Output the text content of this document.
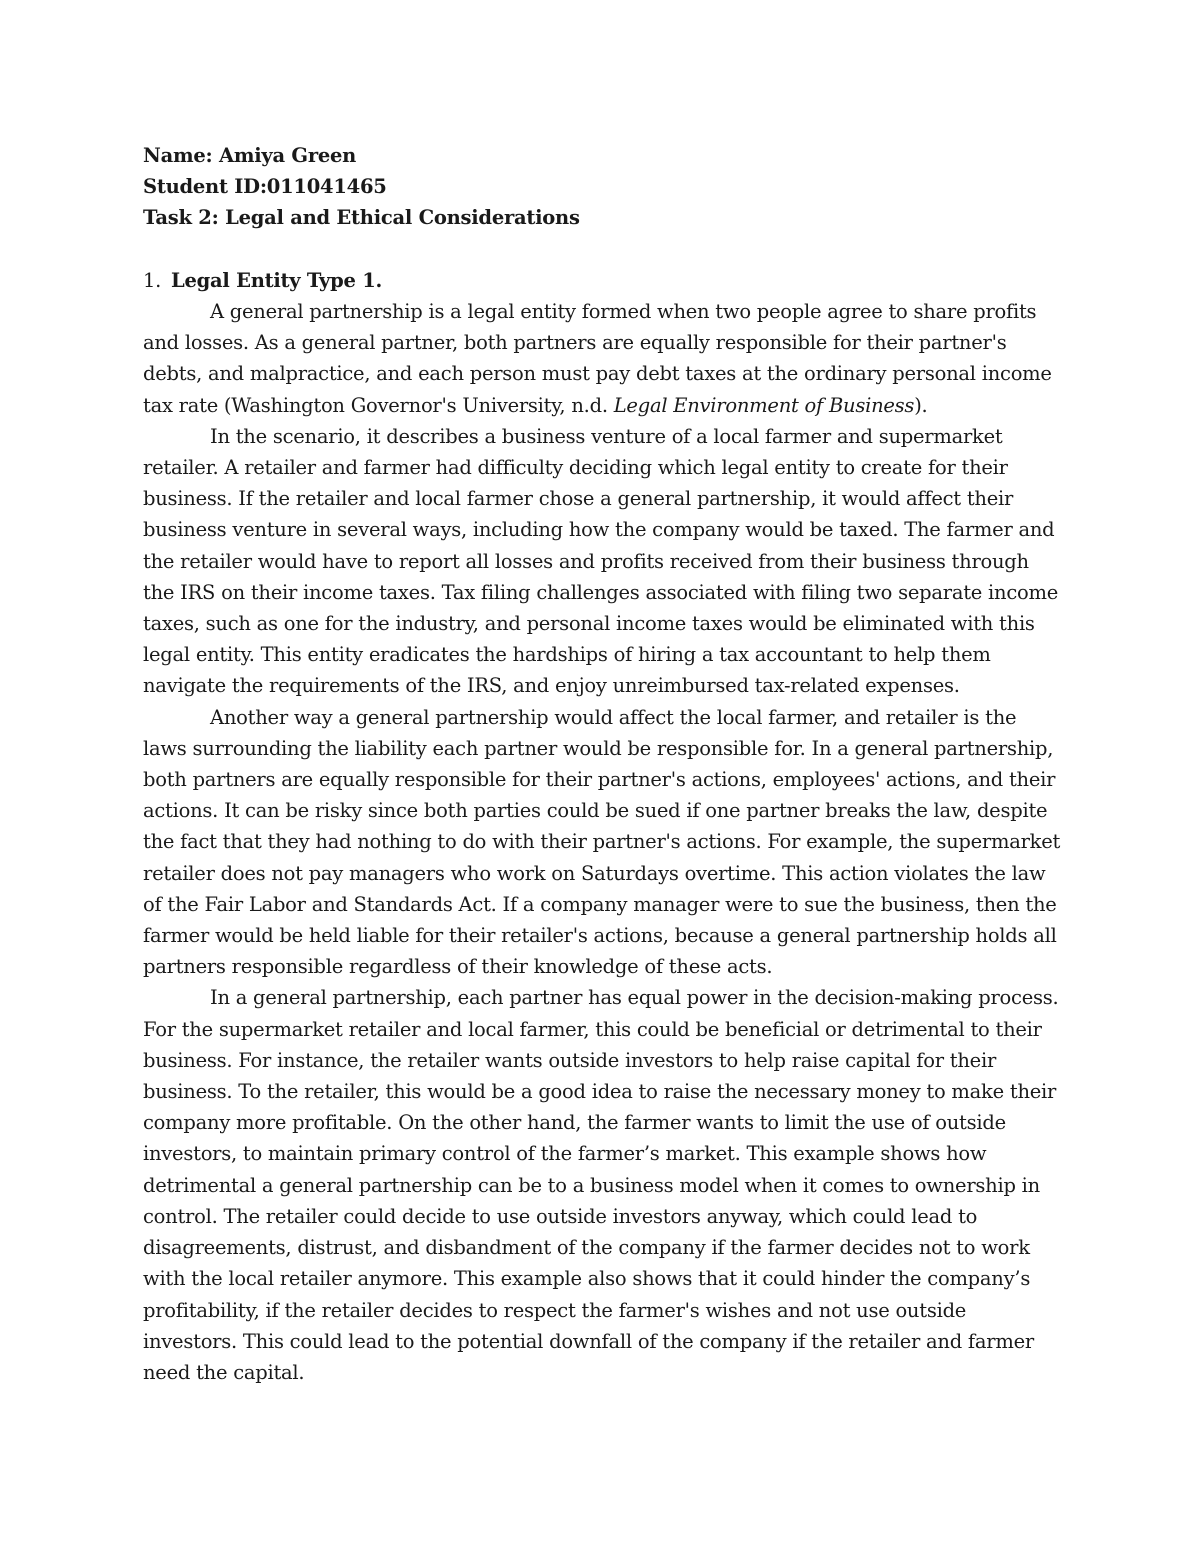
Name: Amiya Green

Student ID:011041465

Task 2: Legal and Ethical Considerations

1. Legal Entity Type 1.

A general partnership is a legal entity formed when two people agree to share profits and losses. As a general partner, both partners are equally responsible for their partner's debts, and malpractice, and each person must pay debt taxes at the ordinary personal income tax rate (Washington Governor's University, n.d. Legal Environment of Business).

In the scenario, it describes a business venture of a local farmer and supermarket retailer. A retailer and farmer had difficulty deciding which legal entity to create for their business. If the retailer and local farmer chose a general partnership, it would affect their business venture in several ways, including how the company would be taxed. The farmer and the retailer would have to report all losses and profits received from their business through the IRS on their income taxes. Tax filing challenges associated with filing two separate income taxes, such as one for the industry, and personal income taxes would be eliminated with this legal entity. This entity eradicates the hardships of hiring a tax accountant to help them navigate the requirements of the IRS, and enjoy unreimbursed tax-related expenses.

Another way a general partnership would affect the local farmer, and retailer is the laws surrounding the liability each partner would be responsible for. In a general partnership, both partners are equally responsible for their partner's actions, employees' actions, and their actions. It can be risky since both parties could be sued if one partner breaks the law, despite the fact that they had nothing to do with their partner's actions. For example, the supermarket retailer does not pay managers who work on Saturdays overtime. This action violates the law of the Fair Labor and Standards Act. If a company manager were to sue the business, then the farmer would be held liable for their retailer's actions, because a general partnership holds all partners responsible regardless of their knowledge of these acts.

In a general partnership, each partner has equal power in the decision-making process. For the supermarket retailer and local farmer, this could be beneficial or detrimental to their business. For instance, the retailer wants outside investors to help raise capital for their business. To the retailer, this would be a good idea to raise the necessary money to make their company more profitable. On the other hand, the farmer wants to limit the use of outside investors, to maintain primary control of the farmer’s market. This example shows how detrimental a general partnership can be to a business model when it comes to ownership in control. The retailer could decide to use outside investors anyway, which could lead to disagreements, distrust, and disbandment of the company if the farmer decides not to work with the local retailer anymore. This example also shows that it could hinder the company’s profitability, if the retailer decides to respect the farmer's wishes and not use outside investors. This could lead to the potential downfall of the company if the retailer and farmer need the capital.
